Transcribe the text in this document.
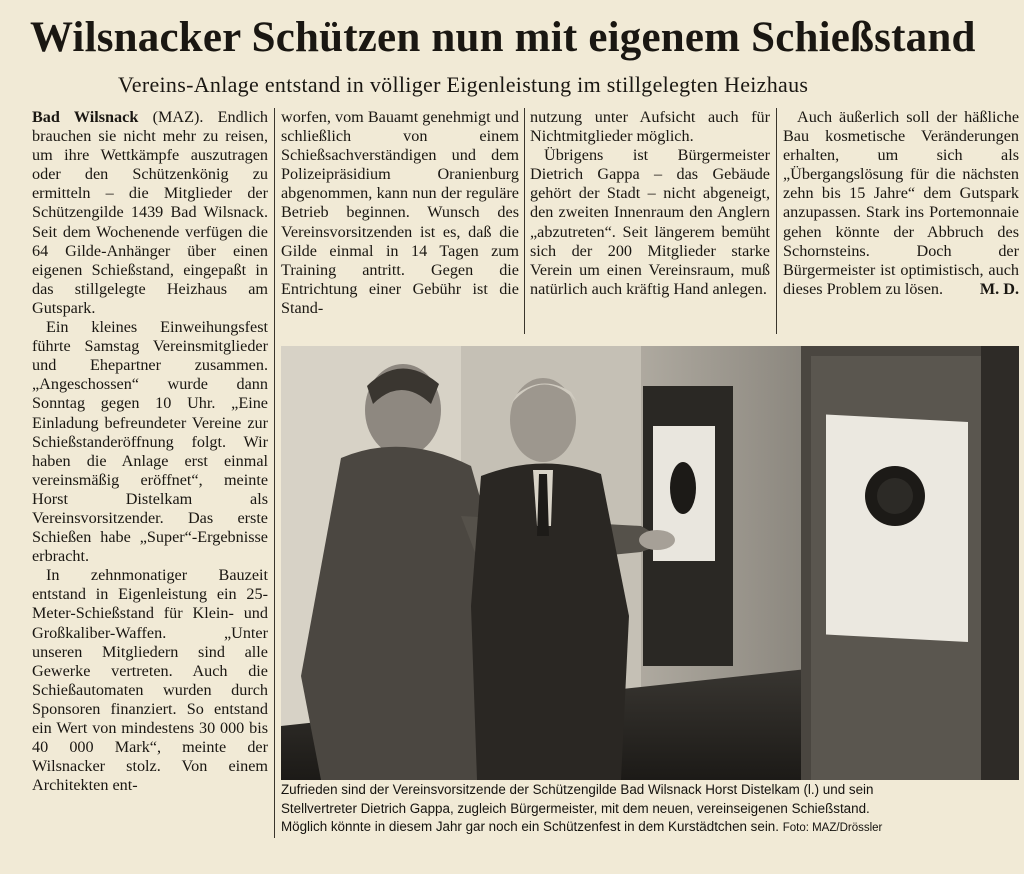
Wilsnacker Schützen nun mit eigenem Schießstand
Vereins-Anlage entstand in völliger Eigenleistung im stillgelegten Heizhaus

Bad Wilsnack (MAZ). Endlich brauchen sie nicht mehr zu reisen, um ihre Wettkämpfe auszutragen oder den Schützenkönig zu ermitteln – die Mitglieder der Schützengilde 1439 Bad Wilsnack. Seit dem Wochenende verfügen die 64 Gilde-Anhänger über einen eigenen Schießstand, eingepaßt in das stillgelegte Heizhaus am Gutspark.

Ein kleines Einweihungsfest führte Samstag Vereinsmitglieder und Ehepartner zusammen. „Angeschossen“ wurde dann Sonntag gegen 10 Uhr. „Eine Einladung befreundeter Vereine zur Schießstanderöffnung folgt. Wir haben die Anlage erst einmal vereinsmäßig eröffnet“, meinte Horst Distelkam als Vereinsvorsitzender. Das erste Schießen habe „Super“-Ergebnisse erbracht.

In zehnmonatiger Bauzeit entstand in Eigenleistung ein 25-Meter-Schießstand für Klein- und Großkaliber-Waffen. „Unter unseren Mitgliedern sind alle Gewerke vertreten. Auch die Schießautomaten wurden durch Sponsoren finanziert. So entstand ein Wert von mindestens 30 000 bis 40 000 Mark“, meinte der Wilsnacker stolz. Von einem Architekten ent-

worfen, vom Bauamt genehmigt und schließlich von einem Schießsachverständigen und dem Polizeipräsidium Oranienburg abgenommen, kann nun der reguläre Betrieb beginnen. Wunsch des Vereinsvorsitzenden ist es, daß die Gilde einmal in 14 Tagen zum Training antritt. Gegen die Entrichtung einer Gebühr ist die Stand-

nutzung unter Aufsicht auch für Nichtmitglieder möglich.

Übrigens ist Bürgermeister Dietrich Gappa – das Gebäude gehört der Stadt – nicht abgeneigt, den zweiten Innenraum den Anglern „abzutreten“. Seit längerem bemüht sich der 200 Mitglieder starke Verein um einen Vereinsraum, muß natürlich auch kräftig Hand anlegen.

Auch äußerlich soll der häßliche Bau kosmetische Veränderungen erhalten, um sich als „Übergangslösung für die nächsten zehn bis 15 Jahre“ dem Gutspark anzupassen. Stark ins Portemonnaie gehen könnte der Abbruch des Schornsteins. Doch der Bürgermeister ist optimistisch, auch dieses Problem zu lösen.	M. D.

Zufrieden sind der Vereinsvorsitzende der Schützengilde Bad Wilsnack Horst Distelkam (l.) und sein
Stellvertreter Dietrich Gappa, zugleich Bürgermeister, mit dem neuen, vereinseigenen Schießstand.
Möglich könnte in diesem Jahr gar noch ein Schützenfest in dem Kurstädtchen sein. Foto: MAZ/Drössler
